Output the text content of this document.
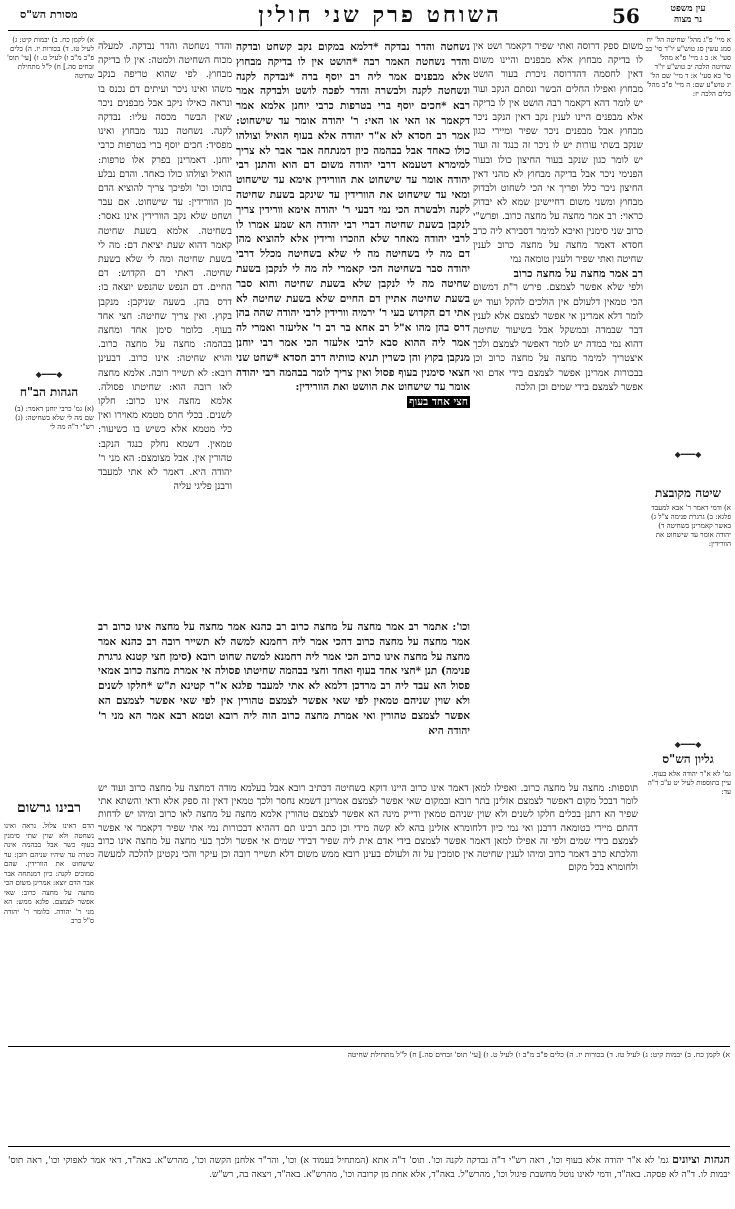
עין משפט
נר מצוה
56
השוחט פרק שני חולין
מסורת הש"ס
א מיי' פ"ג מהל' שחיטה הל' יח סמג עשין סג טוש"ע יו"ד סי' כב סעי' א: ב ג מיי' פ"א מהל' שחיטה הלכה יב טוש"ע יו"ד סי' כא סעי' א: ד מיי' שם הל' יג טוש"ע שם: ה מיי' פ"ב מהל' כלים הלכה יז:
◆━━━◆
שיטה מקובצת
א) ודמי דאמר ר' אבא למעבד פלגא: ב) גרגרת פנימה צ"ל ג) באשר קאמרינן בשחיטה ד) יהודה אומר עד שישחוט את הוורידין:
◆━━━◆
גליון הש"ס
גמ' לא א"ר יהודה אלא בעוף. עיין בתוספות לעיל יט ע"ב ד"ה עד:

משום ספק דרוסה ואתי שפיר דקאמר ושט אין לו בדיקה מבחוץ אלא מבפנים והיינו משום דאין לחסמה דהדרוסה ניכרת בעור הושט מבחוץ ואפילו החלים הבשר ונסתם הנקב ועוד יש לומר דהא דקאמר רבה הושט אין לו בדיקה אלא מבפנים היינו לענין נקב דאין הנקב ניכר מבחוץ אבל מבפנים ניכר שפיר ומיירי כגון שנקב בשתי עורות יש לו ניכר זה כנגד זה ועוד יש לומר כגון שנקב בעור החיצון כולו ובעור הפנימי ניכר אבל בדיקה מבחוץ לא מהני דאין החיצון ניכר כלל ופריך אי הכי לשחוט ולבדוק מבחוץ ומשני משום דחיישינן שמא לא יבדוק כראוי: רב אמר מחצה על מחצה כרוב. ופרש"י כרוב שני סימנין ואיכא למימר דסבירא ליה כרב חסדא דאמר מחצה על מחצה כרוב לענין שחיטה ואתי שפיר ולענין טומאה נמי

רב אמר מחצה על מחצה כרוב

ולפי שלא אפשר לצמצם. פירש ר"ת דמשום הכי טמאין דלעולם אין הולכים להקל ועוד יש לומר דלא אמרינן אי אפשר לצמצם אלא לענין דבר שבמדה ובמשקל אבל בשיעור שחיטה דהוא נמי במדה יש לומר דאפשר לצמצם ולכך איצטריך למימר מחצה על מחצה כרוב וכן בבכורות אמרינן אפשר לצמצם בידי אדם ואי אפשר לצמצם בידי שמים וכן הלכה

נשחטה והדר נבדקה *דלמא במקום נקב קשחט ובדקה והדר נשחטה האמר רבה *הושט אין לו בדיקה מבחוץ אלא מבפנים אמר ליה רב יוסף ברה *נבדקה לקנה ונשחטה לקנה ולבשרה והדר לפכה לושט ולבדקה אמר רבא *חכים יוסף ברי בטרפות כרבי יוחנן אלמא אמר דקאמר או האי או האי: ר' יהודה אומר עד שישחוט: אמר רב חסדא לא א"ר יהודה אלא בעוף הואיל וצולהו כולו כאחד אבל בבהמה כיון דמנתחה אבר אבר לא צריך למימרא דטעמא דרבי יהודה משום דם הוא והתנן רבי יהודה אומר עד שישחוט את הוורידין אימא עד שישחוט ומאי עד שישחוט את הוורידין עד שינקב בשעת שחיטה לקנה ולבשרה הכי נמי דבעי ר' יהודה אימא וורידין צריך לנקבן בשעת שחיטה דברי רבי יהודה הא שמע אמרו לו לרבי יהודה מאחר שלא הוזכרו ורידין אלא להוציא מהן דם מה לי בשחיטה מה לי שלא בשחיטה מכלל דרבי יהודה סבר בשחיטה הכי קאמרי לה מה לי לנקבן בשעת שחיטה מה לי לנקבן שלא בשעת שחיטה והוא סבר בשעת שחיטה אתיין דם החיים שלא בשעת שחיטה לא אתי דם הקדוש בעי ר' ירמיה וורידין לרבי יהודה שהה בהן דרס בהן מהו א"ל רב אחא בר רב ר' אליעזר ואמרי לה אמר ליה ההוא סבא לרבי אלעזר הכי אמר רבי יוחנן מנקבן בקוץ והן כשרין תניא כוותיה דרב חסדא *שחט שני חצאי סימנין בעוף פסול ואין צריך לומר בבהמה רבי יהודה אומר עד שישחוט את הוושט ואת הוורידין:

חצי אחד בעוף

וכו': אתמר רב אמר מחצה על מחצה כרוב רב כהנא אמר מחצה על מחצה אינו כרוב רב אמר מחצה על מחצה כרוב דהכי אמר ליה רחמנא למשה לא תשייר רובה רב כהנא אמר מחצה על מחצה אינו כרוב הכי אמר ליה רחמנא למשה שחוט רובא (סימן חצי קטנא גרגרת פנימה) תנן *חצי אחד בעוף ואחד וחצי בבהמה שחיטתו פסולה אי אמרת מחצה כרוב אמאי פסול הא עבד ליה רב מרדכן דלמא לא אתי למעבד פלגא א"ר קטינא ת"ש *חלקו לשנים ולא שוין שניהם טמאין לפי שאי אפשר לצמצם טהורין אין לפי שאי אפשר לצמצם הא אפשר לצמצם טהורין ואי אמרת מחצה כרוב הוה ליה רובא וטמא רבא אמר הא מני ר' יהודה היא

והדר נשחטה והדר נבדקה. למעלה מכוח השחיטה ולמטה: אין לו בדיקה מבחוץ. לפי שהוא טריפה בנקב משהו ואינו ניכר ועיתים דם נכנס בו ונראה כאילו ניקב אבל מבפנים ניכר שאין הבשר מכסה עליו: נבדקה לקנה. נשחטה כנגד מבחוץ ואינו מפסיד: חכים יוסף ברי בטרפות כרבי יוחנן. דאמרינן בפרק אלו טרפות: הואיל וצולהו כולו כאחד. והדם נבלע בתוכו וכו' ולפיכך צריך להוציא הדם מן הוורידין: עד שישחוט. אם עבר ושחט שלא נקב הוורידין אינו נאסר: בשחיטה. אלמא בשעת שחיטה קאמר דהוא שעת יציאת דם: מה לי בשעת שחיטה ומה לי שלא בשעת שחיטה. דאתי דם הקדוש: דם החיים. דם הנפש שהנפש יוצאה בו: דרס בהן. בשעה שניקבן: מנקבן בקוץ. ואין צריך שחיטה: חצי אחד בעוף. כלומר סימן אחד ומחצה בבהמה: מחצה על מחצה כרוב. והויא שחיטה: אינו כרוב. דבעינן רובא: לא תשייר רובה. אלמא מחצה לאו רובה הוא: שחיטתו פסולה. אלמא מחצה אינו כרוב: חלקו לשנים. בכלי חרס מטמא מאוירו ואין כלי מטמא אלא כשיש בו כשיעור: טמאין. דשמא נחלק כנגד הנקב: טהורין אין. אבל מצומצם: הא מני ר' יהודה היא. דאמר לא אתי למעבד ורבנן פליגי עליה

א) לקמן כח. ב) יבמות קיט: ג) לעיל טז. ד) בכורות יז. ה) כלים פ"ב מ"ב ו) לעיל ט. ז) [עי' תוס' זבחים סה.] ח) ל"ל מתחילת שחיטה
◆━━━◆
הגהות הב"ח
(א) גמ' כרבי יוחנן דאמר: (ב) שם מה לי שלא בשחיטה: (ג) רש"י ד"ה מה לי
רבינו גרשום
הדם דאינו צלול. נראה ואינו נשחטה ולא שוין שתי סימנין בעוף כשר אבל בבהמה אינה כשרה עד שיהיו שניהם רובן: עד שישחוט את הוורידין. שהם סמוכים לקנה: כיון דמנתחה אבר אבר הדם יוצא: אמרינן משום הכי מחצה על מחצה כרוב: שאי אפשר לצמצם. פלגא ממש: הא מני ר' יהודה. כלומר ר' יהודה ס"ל כרב
תוספות: מחצה על מחצה כרוב. ואפילו למאן דאמר אינו כרוב היינו דוקא בשחיטה דכתיב רובא אבל בעלמא מודה דמחצה על מחצה כרוב ועוד יש לומר דבכל מקום דאפשר לצמצם אזלינן בתר רובא ובמקום שאי אפשר לצמצם אמרינן דשמא נחסר ולכך טמאין דאין זה ספק אלא ודאי והשתא אתי שפיר הא דתנן בכלים חלקו לשנים ולא שוין שניהם טמאין ודייק מינה הא אפשר לצמצם טהורין אלמא מחצה על מחצה לאו כרוב ומיהו יש לדחות דהתם מיירי בטומאה דרבנן ואי נמי כיון דלחומרא אזלינן בהא לא קשה מידי וכן כתב רבינו תם דההיא דבכורות נמי אתי שפיר דקאמר אי אפשר לצמצם בידי שמים ולפי זה אפילו למאן דאמר אפשר לצמצם בידי אדם אית ליה שפיר דבידי שמים אי אפשר ולכך בעי מחצה על מחצה אינו כרוב והלכתא כרב דאמר כרוב ומיהו לענין שחיטה אין סומכין על זה ולעולם בעינן רובא ממש משום דלא תשייר רובה וכן עיקר והכי נקטינן להלכה למעשה ולחומרא בכל מקום
א) לקמן כח. ב) יבמות קיט: ג) לעיל טז. ד) בכורות יז. ה) כלים פ"ב מ"ב ו) לעיל ט. ז) [עי' תוס' זבחים סה.] ח) ל"ל מתחילת שחיטה
הגהות וציונים גמ' לא א"ר יהודה אלא בעוף וכו', ראה רש"י ד"ה נבדקה לקנה וכו'. תוס' ד"ה אתא (המתחיל בעמוד א) וכו', והר"ר אלחנן הקשה וכו', מהרש"א. באה"ד, דאי אמר לאפוקי וכו', ראה תוס' יבמות לו. ד"ה לא פסקה. באה"ד, ודמי לאינו נוטל מחשבת פיגול וכו', מהרש"ל. באה"ד, אלא אחת מן קרובה וכו', מהרש"א. באה"ד, ויצאה בה, רש"ש.
